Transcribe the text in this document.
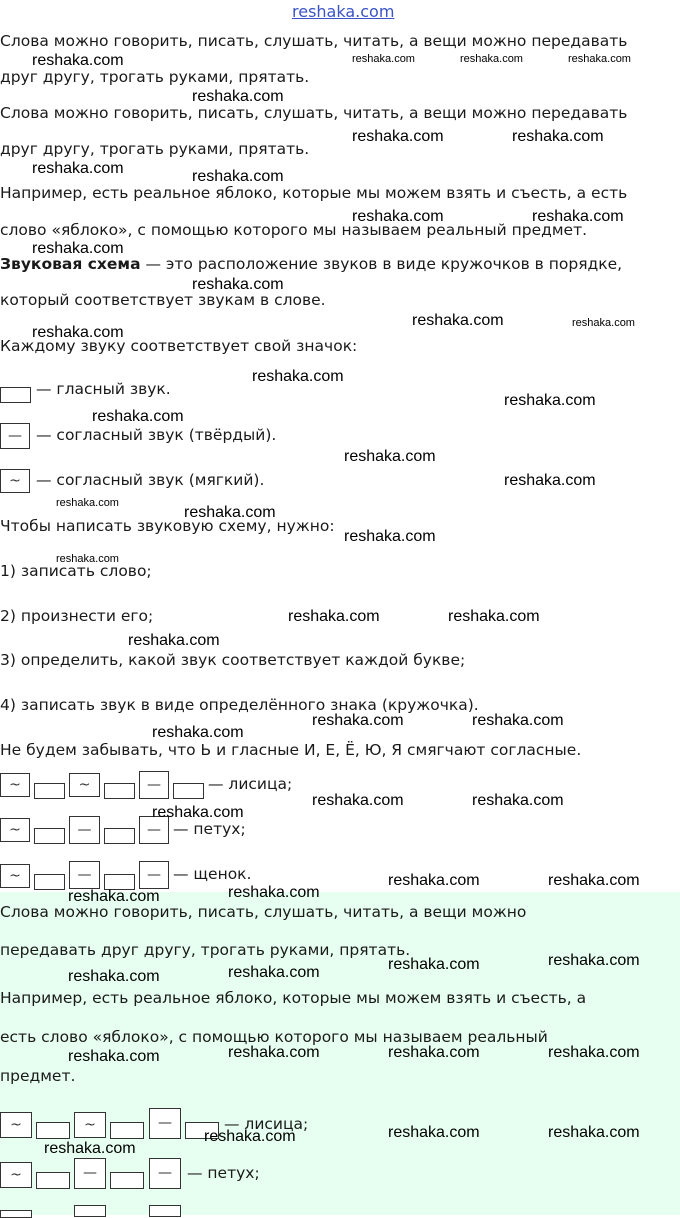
reshaka.com
Слова можно говорить, писать, слушать, читать, а вещи можно передавать
друг другу, трогать руками, прятать.
Слова можно говорить, писать, слушать, читать, а вещи можно передавать
друг другу, трогать руками, прятать.
Например, есть реальное яблоко, которые мы можем взять и съесть, а есть
слово «яблоко», с помощью которого мы называем реальный предмет.
Звуковая схема — это расположение звуков в виде кружочков в порядке,
который соответствует звукам в слове.
Каждому звуку соответствует свой значок:
— гласный звук.
— — согласный звук (твёрдый).
~ — согласный звук (мягкий).
Чтобы написать звуковую схему, нужно:
1) записать слово;
2) произнести его;
3) определить, какой звук соответствует каждой букве;
4) записать звук в виде определённого знака (кружочка).
Не будем забывать, что Ь и гласные И, Е, Ё, Ю, Я смягчают согласные.
~	~	—	— лисица;
~	—	— — петух;
~	—	— — щенок.
Слова можно говорить, писать, слушать, читать, а вещи можно
передавать друг другу, трогать руками, прятать.
Например, есть реальное яблоко, которые мы можем взять и съесть, а
есть слово «яблоко», с помощью которого мы называем реальный
предмет.
~	~	—	— лисица;
~	—	— — петух;
reshaka.com	reshaka.com	reshaka.com	reshaka.com
reshaka.com
reshaka.com	reshaka.com
reshaka.com	reshaka.com
reshaka.com	reshaka.com
reshaka.com
reshaka.com
reshaka.com	reshaka.com
reshaka.com
reshaka.com
reshaka.com
reshaka.com
reshaka.com
reshaka.com
reshaka.com
reshaka.com
reshaka.com
reshaka.com
reshaka.com	reshaka.com
reshaka.com
reshaka.com	reshaka.com
reshaka.com
reshaka.com	reshaka.com
reshaka.com
reshaka.com	reshaka.com
reshaka.com
reshaka.com
reshaka.com	reshaka.com
reshaka.com
reshaka.com
reshaka.com	reshaka.com	reshaka.com
reshaka.com
reshaka.com	reshaka.com
reshaka.com
reshaka.com
